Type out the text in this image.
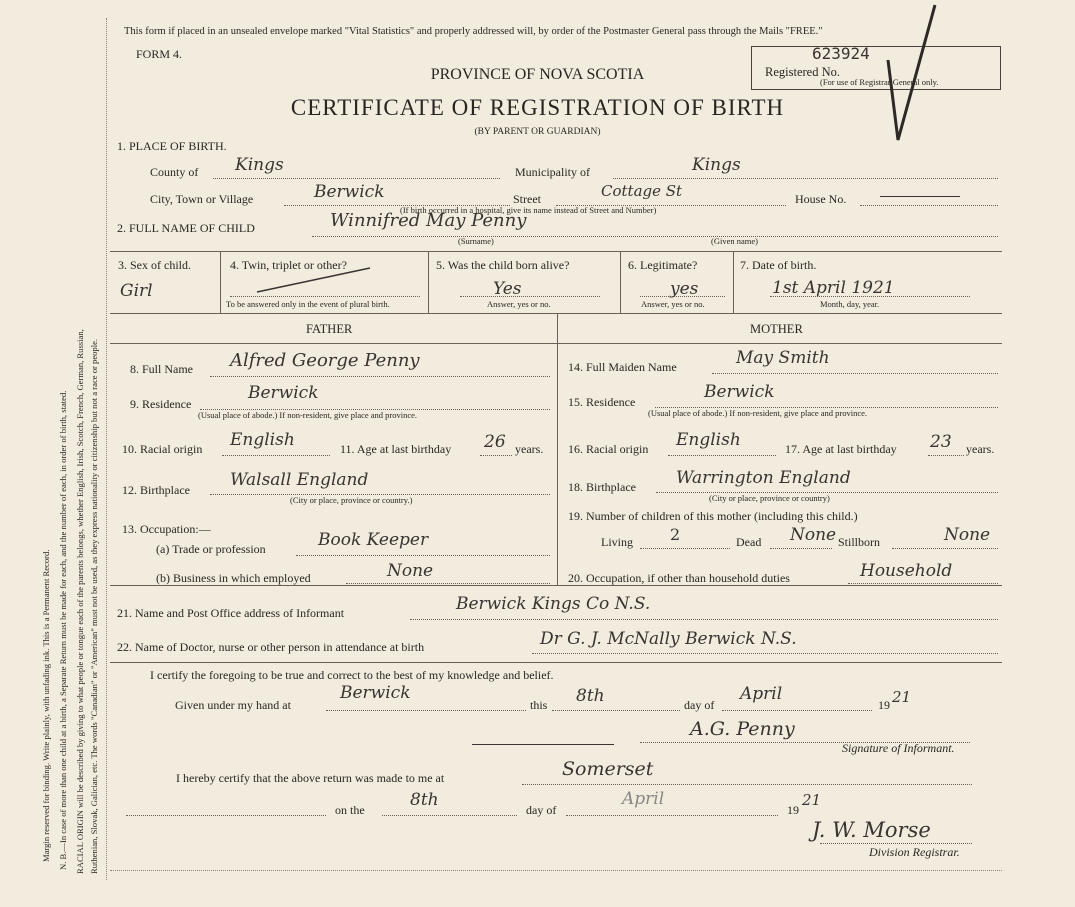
Margin reserved for binding. Write plainly, with unfading ink. This is a Permanent Record. N. B.—In case of more than one child at a birth, a Separate Return must be made for each, and the number of each, in order of birth, stated. RACIAL ORIGIN will be described by giving to what people or tongue each of the parents belongs, whether English, Irish, Scotch, French, German, Russian, Ruthenian, Slovak, Galician, etc. The words "Canadian" or "American" must not be used, as they express nationality or citizenship but not a race or people.
This form if placed in an unsealed envelope marked "Vital Statistics" and properly addressed will, by order of the Postmaster General pass through the Mails "FREE."
FORM 4.
PROVINCE OF NOVA SCOTIA
CERTIFICATE OF REGISTRATION OF BIRTH
(BY PARENT OR GUARDIAN)
623924
Registered No.
(For use of Registrar General only.
1. PLACE OF BIRTH.
County of Kings	Municipality of	Kings
City, Town or Village	Berwick	Street	Cottage St	House No.
(If birth occurred in a hospital, give its name instead of Street and Number)
2. FULL NAME OF CHILD	Winnifred May Penny
(Surname)	(Given name)
3. Sex of child.
Girl
4. Twin, triplet or other?
To be answered only in the event of plural birth.
5. Was the child born alive?
Yes
Answer, yes or no.
6. Legitimate?
yes
Answer, yes or no.
7. Date of birth.
1st April 1921
Month, day, year.
FATHER	MOTHER
8. Full Name Alfred George Penny
9. Residence
Berwick
(Usual place of abode.) If non-resident, give place and province.
10. Racial origin English	11. Age at last birthday 26 years.
12. Birthplace Walsall England
(City or place, province or country.)
13. Occupation:—
(a) Trade or profession	Book Keeper
(b) Business in which employed	None
14. Full Maiden Name	May Smith
15. Residence	Berwick
(Usual place of abode.) If non-resident, give place and province.
16. Racial origin English	17. Age at last birthday 23 years.
18. Birthplace Warrington England
(City or place, province or country)
19. Number of children of this mother (including this child.)
Living 2	Dead None Stillborn	None
20. Occupation, if other than household duties	Household
21. Name and Post Office address of Informant	Berwick Kings Co N.S.
22. Name of Doctor, nurse or other person in attendance at birth	Dr G. J. McNally Berwick N.S.
I certify the foregoing to be true and correct to the best of my knowledge and belief.
Given under my hand at
Berwick
this 8th	day of
April
19 21
A.G. Penny
Signature of Informant.
I hereby certify that the above return was made to me at	Somerset
on the	8th	day of
April
19
21
J. W. Morse
Division Registrar.
